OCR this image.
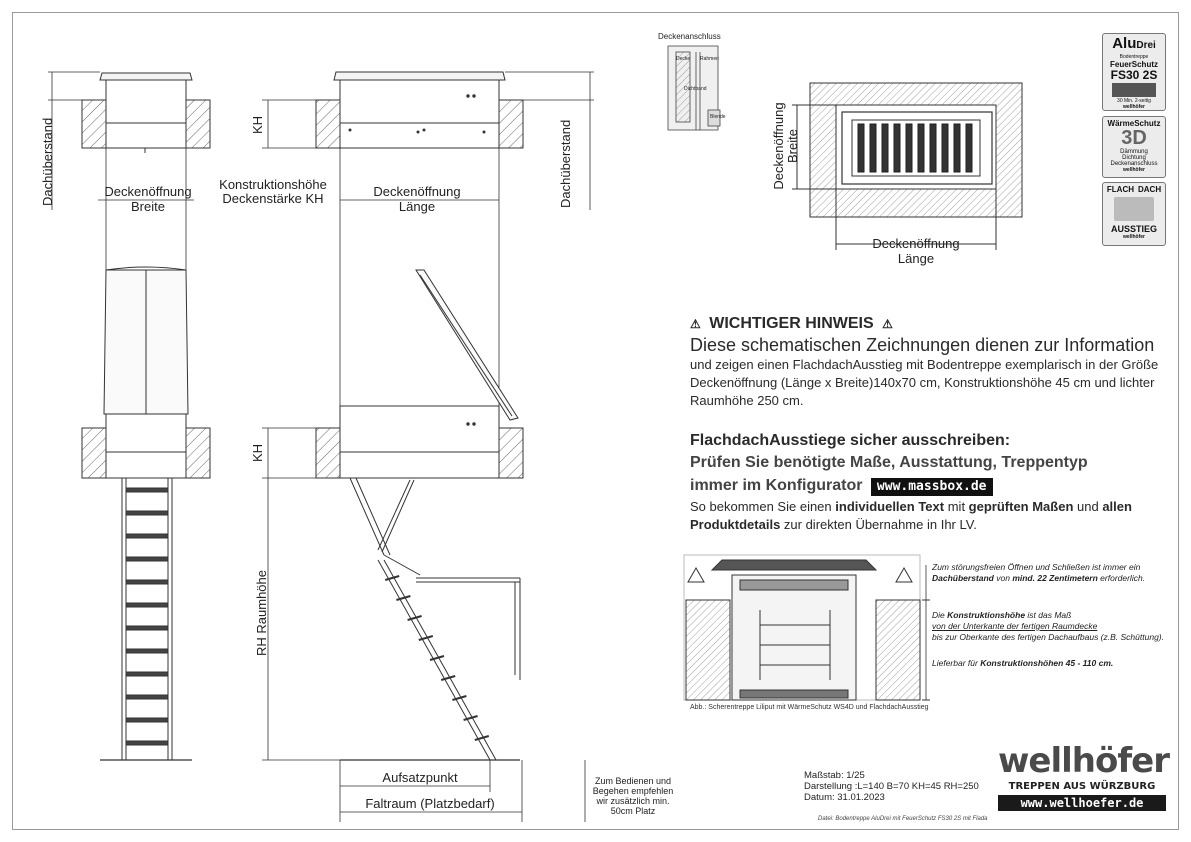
Dachüberstand	Dachüberstand
KH
KH
RH Raumhöhe
Deckenöffnung
Breite
Konstruktionshöhe
Deckenstärke KH	Deckenöffnung
Länge
Aufsatzpunkt
Faltraum (Platzbedarf)
Zum Bedienen und
Begehen empfehlen
wir zusätzlich min.
50cm Platz
Deckenöffnung Breite
Deckenöffnung
Länge
Deckenanschluss
Decke Rahmen
Dichtband
Blende
AluDrei
Bodentreppe
FeuerSchutz
FS30 2S
30 Min. 2-seitig
wellhöfer
WärmeSchutz
3D
Dämmung
Dichtung
Deckenanschluss
wellhöfer
FLACH DACH
AUSSTIEG
wellhöfer
⚠ WICHTIGER HINWEIS ⚠
Diese schematischen Zeichnungen dienen zur Information
und zeigen einen FlachdachAusstieg mit Bodentreppe exemplarisch in der Größe
Deckenöffnung (Länge x Breite)140x70 cm, Konstruktionshöhe 45 cm und lichter
Raumhöhe 250 cm.
FlachdachAusstiege sicher ausschreiben:
Prüfen Sie benötigte Maße, Ausstattung, Treppentyp
immer im Konfigurator www.massbox.de
So bekommen Sie einen individuellen Text mit geprüften Maßen und allen
Produktdetails zur direkten Übernahme in Ihr LV.
Zum störungsfreien Öffnen und Schließen ist immer ein
Dachüberstand von mind. 22 Zentimetern erforderlich.
Die Konstruktionshöhe ist das Maß
von der Unterkante der fertigen Raumdecke
bis zur Oberkante des fertigen Dachaufbaus (z.B. Schüttung).
Lieferbar für Konstruktionshöhen 45 - 110 cm.
Abb.: Scherentreppe Liliput mit WärmeSchutz WS4D und FlachdachAusstieg
Maßstab: 1/25
Darstellung :L=140 B=70 KH=45 RH=250
Datum: 31.01.2023
Datei: Bodentreppe AluDrei mit FeuerSchutz FS30 2S mit Flada
wellhöfer
TREPPEN AUS WÜRZBURG
www.wellhoefer.de
